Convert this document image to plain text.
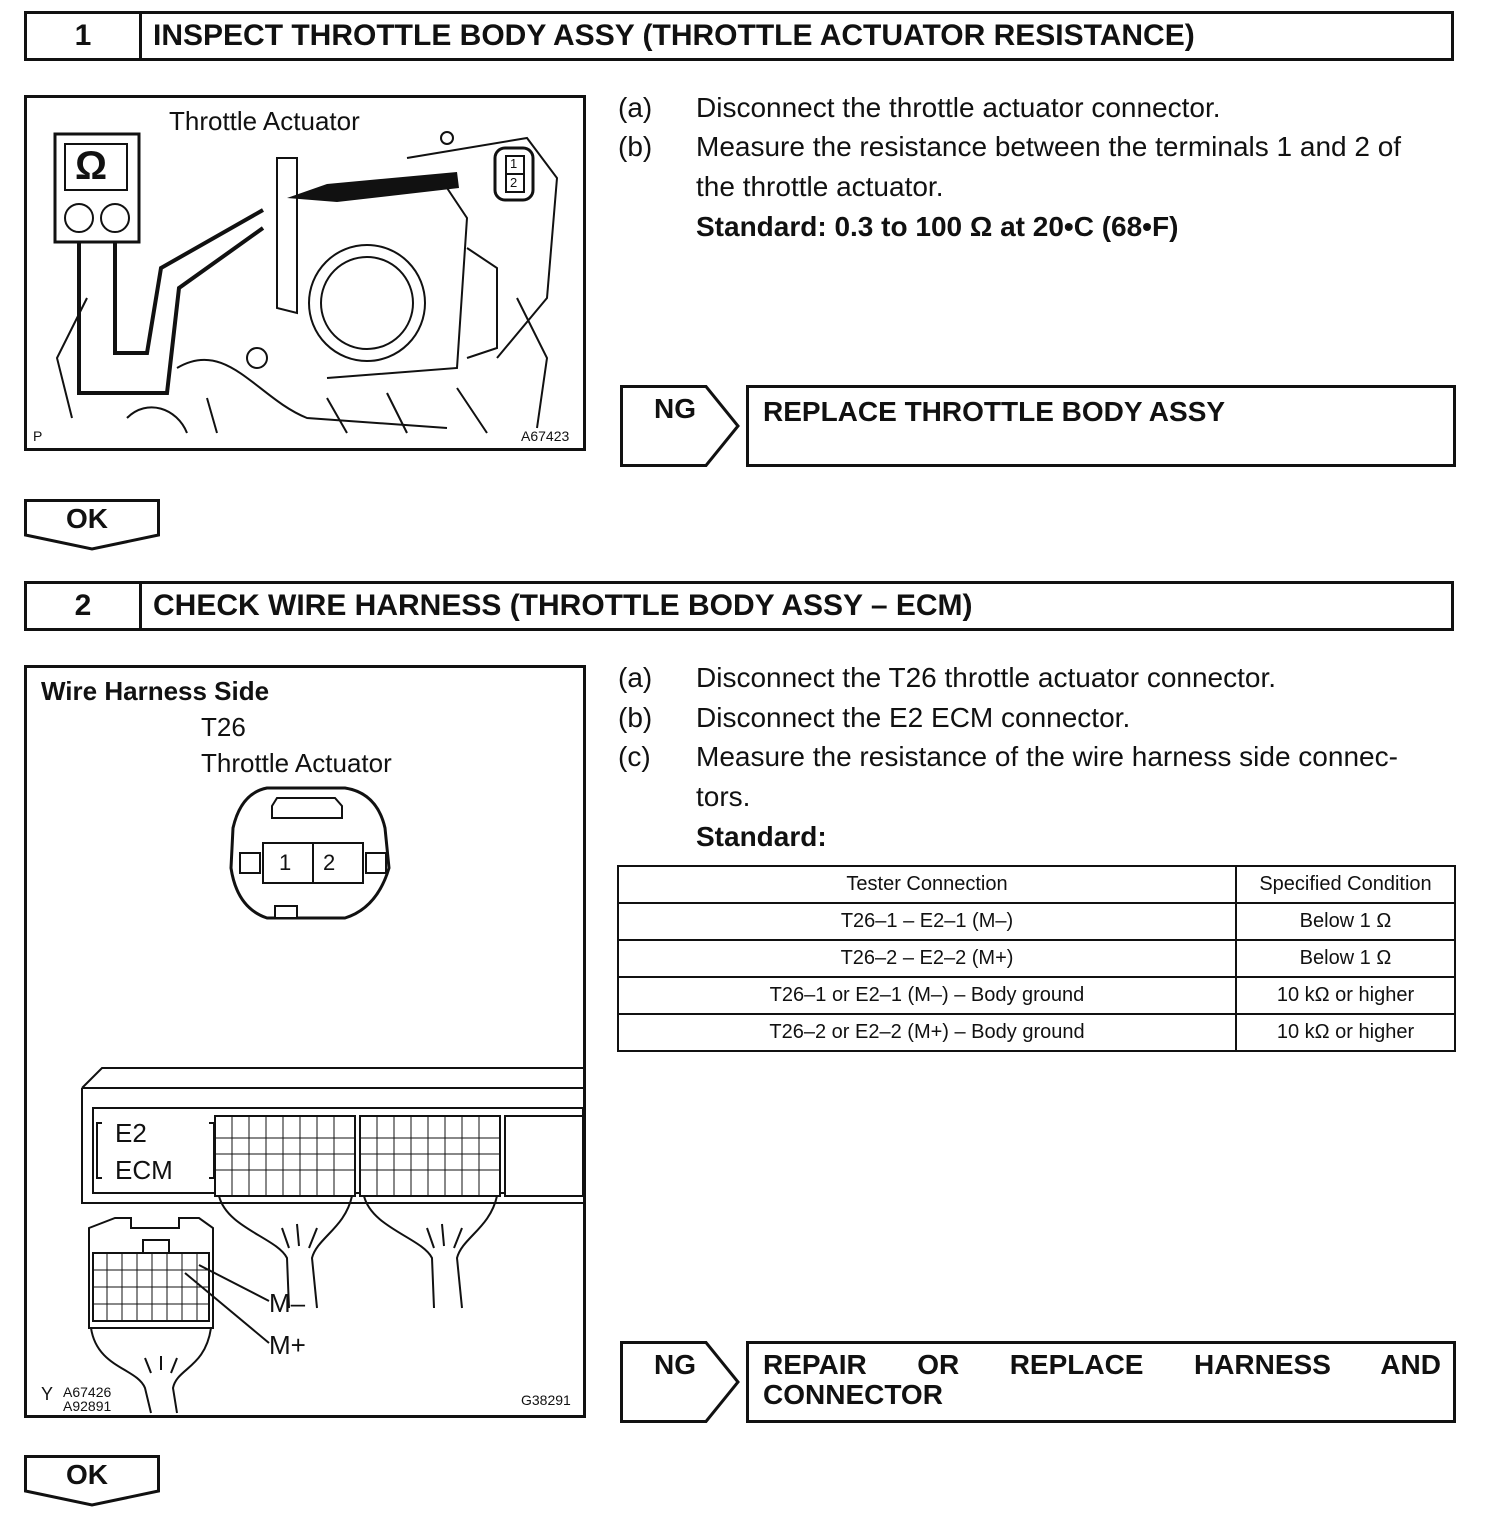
1	INSPECT THROTTLE BODY ASSY (THROTTLE ACTUATOR RESISTANCE)
Throttle Actuator
Ω	1
2
P	A67423
(a) Disconnect the throttle actuator connector.
(b) Measure the resistance between the terminals 1 and 2 of
the throttle actuator.
Standard: 0.3 to 100 Ω at 20•C (68•F)
NG	REPLACE THROTTLE BODY ASSY
OK
2	CHECK WIRE HARNESS (THROTTLE BODY ASSY – ECM)
Wire Harness Side
T26
Throttle Actuator
1 2
E2
ECM
M–
M+
Y A67426
A92891	G38291
(a) Disconnect the T26 throttle actuator connector.
(b) Disconnect the E2 ECM connector.
(c) Measure the resistance of the wire harness side connec-
tors.
Standard:
Tester Connection	Specified Condition
T26–1 – E2–1 (M–)	Below 1 Ω
T26–2 – E2–2 (M+)	Below 1 Ω
T26–1 or E2–1 (M–) – Body ground	10 kΩ or higher
T26–2 or E2–2 (M+) – Body ground	10 kΩ or higher
NG REPAIR OR REPLACE HARNESS AND
CONNECTOR
OK
